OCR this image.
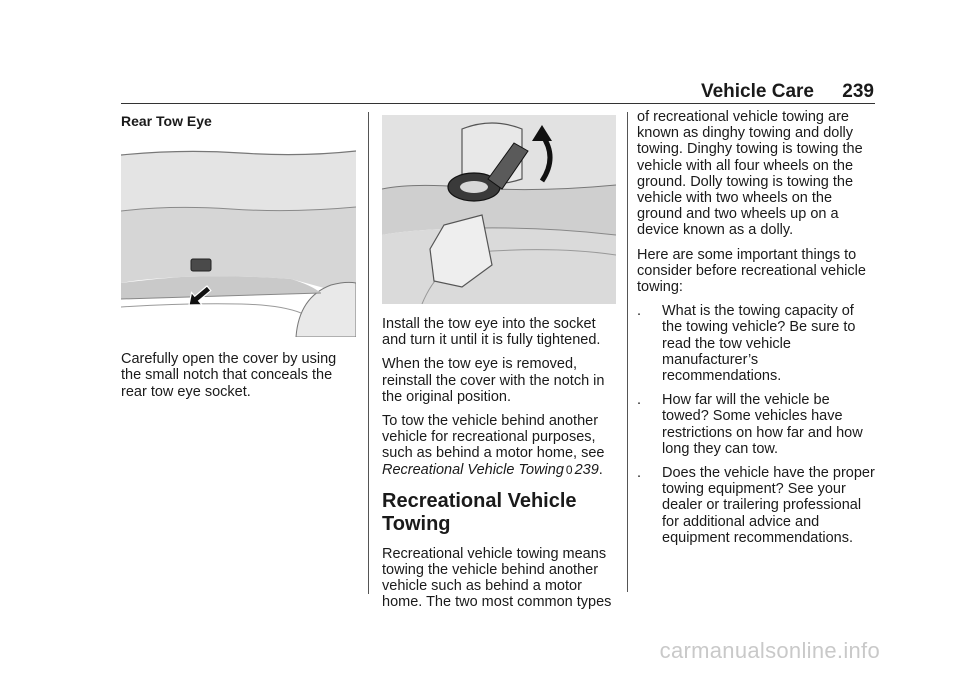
Vehicle Care 239
Rear Tow Eye

Carefully open the cover by using the small notch that conceals the rear tow eye socket.

Install the tow eye into the socket and turn it until it is fully tightened.

When the tow eye is removed, reinstall the cover with the notch in the original position.

To tow the vehicle behind another vehicle for recreational purposes, such as behind a motor home, see Recreational Vehicle Towing 0 239.

Recreational Vehicle Towing

Recreational vehicle towing means towing the vehicle behind another vehicle such as behind a motor home. The two most common types

of recreational vehicle towing are known as dinghy towing and dolly towing. Dinghy towing is towing the vehicle with all four wheels on the ground. Dolly towing is towing the vehicle with two wheels on the ground and two wheels up on a device known as a dolly.

Here are some important things to consider before recreational vehicle towing:

. What is the towing capacity of the towing vehicle? Be sure to read the tow vehicle manufacturer’s recommendations.
. How far will the vehicle be towed? Some vehicles have restrictions on how far and how long they can tow.
. Does the vehicle have the proper towing equipment? See your dealer or trailering professional for additional advice and equipment recommendations.
carmanualsonline.info
